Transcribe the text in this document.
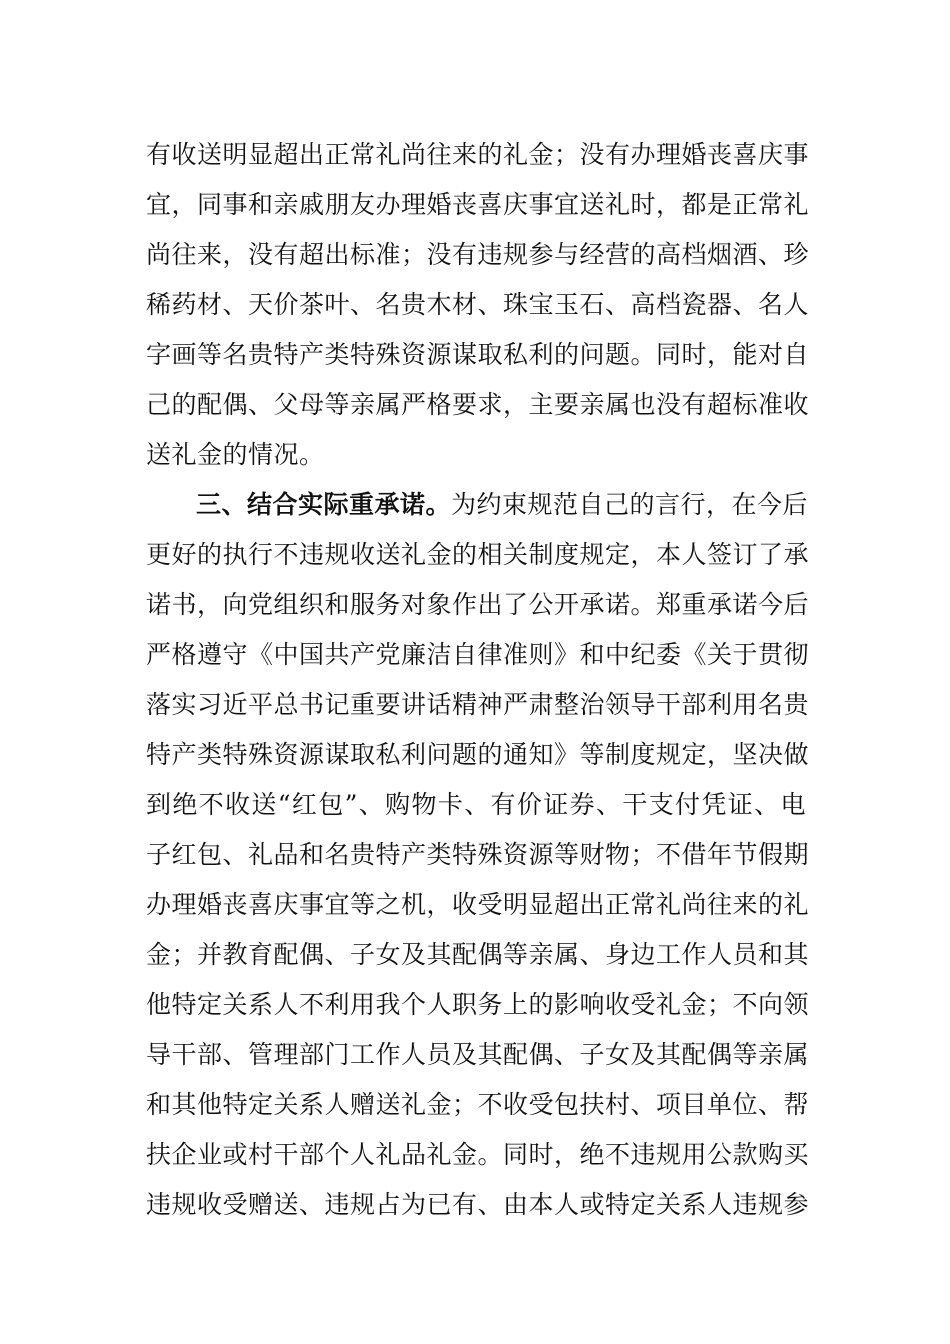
有收送明显超出正常礼尚往来的礼金；没有办理婚丧喜庆事
宜，同事和亲戚朋友办理婚丧喜庆事宜送礼时，都是正常礼
尚往来，没有超出标准；没有违规参与经营的高档烟酒、珍
稀药材、天价茶叶、名贵木材、珠宝玉石、高档瓷器、名人
字画等名贵特产类特殊资源谋取私利的问题。同时，能对自
己的配偶、父母等亲属严格要求，主要亲属也没有超标准收
送礼金的情况。
三、结合实际重承诺。为约束规范自己的言行，在今后
更好的执行不违规收送礼金的相关制度规定，本人签订了承
诺书，向党组织和服务对象作出了公开承诺。郑重承诺今后
严格遵守《中国共产党廉洁自律准则》和中纪委《关于贯彻
落实习近平总书记重要讲话精神严肃整治领导干部利用名贵
特产类特殊资源谋取私利问题的通知》等制度规定，坚决做
到绝不收送“红包”、购物卡、有价证券、干支付凭证、电
子红包、礼品和名贵特产类特殊资源等财物；不借年节假期
办理婚丧喜庆事宜等之机，收受明显超出正常礼尚往来的礼
金；并教育配偶、子女及其配偶等亲属、身边工作人员和其
他特定关系人不利用我个人职务上的影响收受礼金；不向领
导干部、管理部门工作人员及其配偶、子女及其配偶等亲属
和其他特定关系人赠送礼金；不收受包扶村、项目单位、帮
扶企业或村干部个人礼品礼金。同时，绝不违规用公款购买
违规收受赠送、违规占为已有、由本人或特定关系人违规参
